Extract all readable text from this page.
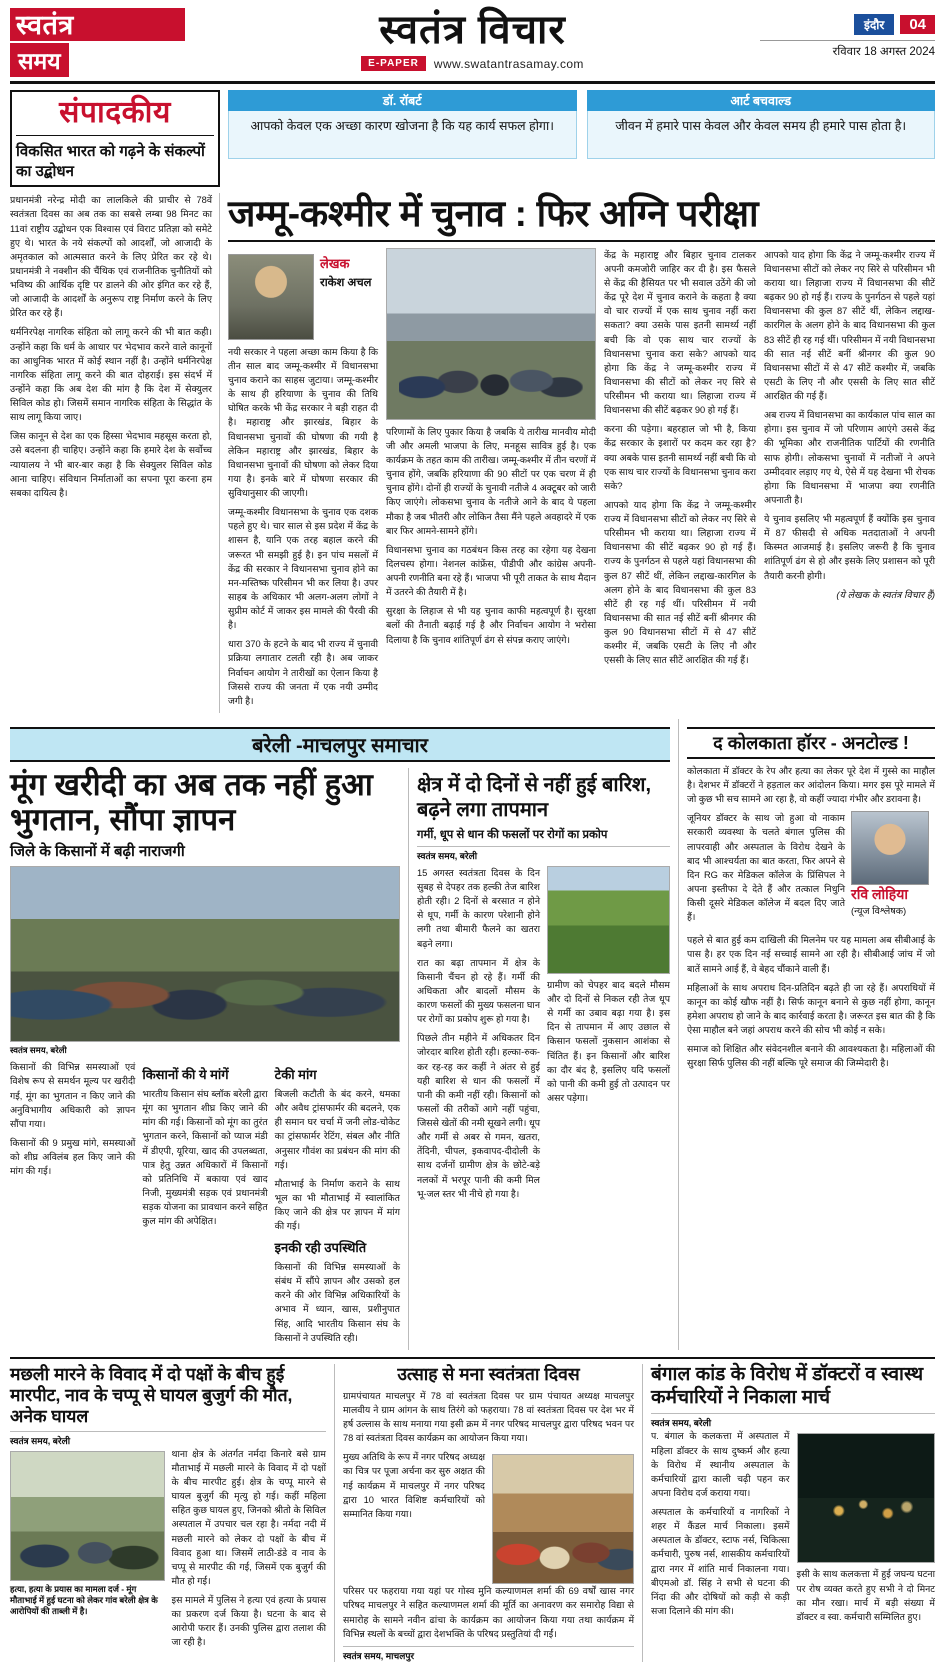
स्वतंत्र
समय
स्वतंत्र विचार
E-PAPER	www.swatantrasamay.com
इंदौर	04
रविवार 18 अगस्त 2024
संपादकीय
विकसित भारत को गढ़ने के संकल्पों का उद्बोधन
डॉ. रॉबर्ट
आपको केवल एक अच्छा कारण खोजना है कि यह कार्य सफल होगा।
आर्ट बचवाल्ड
जीवन में हमारे पास केवल और केवल समय ही हमारे पास होता है।

प्रधानमंत्री नरेन्द्र मोदी का लालकिले की प्राचीर से 78वें स्वतंत्रता दिवस का अब तक का सबसे लम्बा 98 मिनट का 11वां राष्ट्रीय उद्बोधन एक विश्वास एवं विराट प्रतिज्ञा को समेटे हुए थे। भारत के नये संकल्पों को आदर्शों, जो आजादी के अमृतकाल को आत्मसात करने के लिए प्रेरित कर रहे थे। प्रधानमंत्री ने नक्शीन की चैंथिक एवं राजनीतिक चुनौतियों को भविष्य की आर्थिक दृष्टि पर डालने की ओर इंगित कर रहे हैं, जो आजादी के आदर्शों के अनुरूप राष्ट्र निर्माण करने के लिए प्रेरित कर रहे हैं।

धर्मनिरपेक्ष नागरिक संहिता को लागू करने की भी बात कही। उन्होंने कहा कि धर्म के आधार पर भेदभाव करने वाले कानूनों का आधुनिक भारत में कोई स्थान नहीं है। उन्होंने धर्मनिरपेक्ष नागरिक संहिता लागू करने की बात दोहराई। इस संदर्भ में उन्होंने कहा कि अब देश की मांग है कि देश में सेक्युलर सिविल कोड हो। जिसमें समान नागरिक संहिता के सिद्धांत के साथ लागू किया जाए।

जिस कानून से देश का एक हिस्सा भेदभाव महसूस करता हो, उसे बदलना ही चाहिए। उन्होंने कहा कि हमारे देश के सर्वोच्च न्यायालय ने भी बार-बार कहा है कि सेक्युलर सिविल कोड आना चाहिए। संविधान निर्माताओं का सपना पूरा करना हम सबका दायित्व है।

जम्मू-कश्मीर में चुनाव : फिर अग्नि परीक्षा
लेखक
राकेश अचल

नयी सरकार ने पहला अच्छा काम किया है कि तीन साल बाद जम्मू-कश्मीर में विधानसभा चुनाव कराने का साहस जुटाया। जम्मू-कश्मीर के साथ ही हरियाणा के चुनाव की तिथि घोषित करके भी केंद्र सरकार ने बड़ी राहत दी है। महाराष्ट्र और झारखंड, बिहार के विधानसभा चुनावों की घोषणा की गयी है लेकिन महाराष्ट्र और झारखंड, बिहार के विधानसभा चुनावों की घोषणा को लेकर दिया गया है। इनके बारे में घोषणा सरकार की सुविधानुसार की जाएगी।

जम्मू-कश्मीर विधानसभा के चुनाव एक दशक पहले हुए थे। चार साल से इस प्रदेश में केंद्र के शासन है, यानि एक तरह बहाल करने की जरूरत भी समझी हुई है। इन पांच मसलों में केंद्र की सरकार ने विधानसभा चुनाव होने का मन-मस्तिष्क परिसीमन भी कर लिया है। उपर साहब के अधिकार भी अलग-अलग लोगों ने सुप्रीम कोर्ट में जाकर इस मामले की पैरवी की है।

धारा 370 के हटने के बाद भी राज्य में चुनावी प्रक्रिया लगातार टलती रही है। अब जाकर निर्वाचन आयोग ने तारीखों का ऐलान किया है जिससे राज्य की जनता में एक नयी उम्मीद जगी है।

परिणामों के लिए पुकार किया है जबकि ये तारीख मानवीय मोदी जी और अमली भाजपा के लिए, मनहूस सावित्र हुई है। एक कार्यक्रम के तहत काम की तारीख। जम्मू-कश्मीर में तीन चरणों में चुनाव होंगे, जबकि हरियाणा की 90 सीटों पर एक चरण में ही चुनाव होंगे। दोनों ही राज्यों के चुनावी नतीजे 4 अक्टूबर को जारी किए जाएंगे। लोकसभा चुनाव के नतीजे आने के बाद ये पहला मौका है जब भीतरी और लोकिन तैसा मैंने पहले अवहादरे में एक बार फिर आमने-सामने होंगे।

विधानसभा चुनाव का गठबंधन किस तरह का रहेगा यह देखना दिलचस्प होगा। नेशनल कांफ्रेंस, पीडीपी और कांग्रेस अपनी-अपनी रणनीति बना रहे हैं। भाजपा भी पूरी ताकत के साथ मैदान में उतरने की तैयारी में है।

सुरक्षा के लिहाज से भी यह चुनाव काफी महत्वपूर्ण है। सुरक्षा बलों की तैनाती बढ़ाई गई है और निर्वाचन आयोग ने भरोसा दिलाया है कि चुनाव शांतिपूर्ण ढंग से संपन्न कराए जाएंगे।

केंद्र के महाराष्ट्र और बिहार चुनाव टालकर अपनी कमजोरी जाहिर कर दी है। इस फैसले से केंद्र की हैसियत पर भी सवाल उठेंगे की जो केंद्र पूरे देश में चुनाव कराने के कहता है क्या वो चार राज्यों में एक साथ चुनाव नहीं करा सकता? क्या उसके पास इतनी सामर्थ्य नहीं बची कि वो एक साथ चार राज्यों के विधानसभा चुनाव करा सके? आपको याद होगा कि केंद्र ने जम्मू-कश्मीर राज्य में विधानसभा की सीटों को लेकर नए सिरे से परिसीमन भी कराया था। लिहाजा राज्य में विधानसभा की सीटें बढ़कर 90 हो गई हैं।

करना की पड़ेगा। बहरहाल जो भी है, किया केंद्र सरकार के इशारों पर कदम कर रहा है? क्या अबके पास इतनी सामर्थ्य नहीं बची कि वो एक साथ चार राज्यों के विधानसभा चुनाव करा सके?

आपको याद होगा कि केंद्र ने जम्मू-कश्मीर राज्य में विधानसभा सीटों को लेकर नए सिरे से परिसीमन भी कराया था। लिहाजा राज्य में विधानसभा की सीटें बढ़कर 90 हो गई हैं। राज्य के पुनर्गठन से पहले यहां विधानसभा की कुल 87 सीटें थीं, लेकिन लद्दाख-कारगिल के अलग होने के बाद विधानसभा की कुल 83 सीटें ही रह गई थीं। परिसीमन में नयी विधानसभा की सात नई सीटें बनीं श्रीनगर की कुल 90 विधानसभा सीटों में से 47 सीटें कश्मीर में, जबकि एसटी के लिए नौ और एससी के लिए सात सीटें आरक्षित की गई हैं।

आपको याद होगा कि केंद्र ने जम्मू-कश्मीर राज्य में विधानसभा सीटों को लेकर नए सिरे से परिसीमन भी कराया था। लिहाजा राज्य में विधानसभा की सीटें बढ़कर 90 हो गई हैं। राज्य के पुनर्गठन से पहले यहां विधानसभा की कुल 87 सीटें थीं, लेकिन लद्दाख-कारगिल के अलग होने के बाद विधानसभा की कुल 83 सीटें ही रह गई थीं। परिसीमन में नयी विधानसभा की सात नई सीटें बनीं श्रीनगर की कुल 90 विधानसभा सीटों में से 47 सीटें कश्मीर में, जबकि एसटी के लिए नौ और एससी के लिए सात सीटें आरक्षित की गई हैं।

अब राज्य में विधानसभा का कार्यकाल पांच साल का होगा। इस चुनाव में जो परिणाम आएंगे उससे केंद्र की भूमिका और राजनीतिक पार्टियों की रणनीति साफ होगी। लोकसभा चुनावों में नतीजों ने अपने उम्मीदवार लड़ाए गए थे, ऐसे में यह देखना भी रोचक होगा कि विधानसभा में भाजपा क्या रणनीति अपनाती है।

ये चुनाव इसलिए भी महत्वपूर्ण हैं क्योंकि इस चुनाव में 87 फीसदी से अधिक मतदाताओं ने अपनी किस्मत आजमाई है। इसलिए जरूरी है कि चुनाव शांतिपूर्ण ढंग से हो और इसके लिए प्रशासन को पूरी तैयारी करनी होगी।

(ये लेखक के स्वतंत्र विचार हैं)
बरेली -माचलपुर समाचार
मूंग खरीदी का अब तक नहीं हुआ भुगतान, सौंपा ज्ञापन
जिले के किसानों में बढ़ी नाराजगी
स्वतंत्र समय, बरेली

किसानों की विभिन्न समस्याओं एवं विशेष रूप से समर्थन मूल्य पर खरीदी गई, मूंग का भुगतान न किए जाने की अनुविभागीय अधिकारी को ज्ञापन सौंपा गया।

किसानों की 9 प्रमुख मांगे, समस्याओं को शीघ्र अविलंब हल किए जाने की मांग की गई।

किसानों की ये मांगें

भारतीय किसान संघ ब्लॉक बरेली द्वारा मूंग का भुगतान शीघ्र किए जाने की मांग की गई। किसानों को मूंग का तुरंत भुगतान करने, किसानों को प्याज मंडी में डीएपी, यूरिया, खाद की उपलब्धता, पात्र हेतु उन्नत अधिकारों में किसानों को प्रतिनिधि में बकाया एवं खाद निजी, मुख्यमंत्री सड़क एवं प्रधानमंत्री सड़क योजना का प्रावधान करने सहित कुल मांग की अपेक्षित।

टेकी मांग

बिजली कटौती के बंद करने, धमका और अवैध ट्रांसफार्मर की बदलने, एक ही समान घर चर्चा में जनी लोड-चोकेट का ट्रांसफार्मर रेटिंग, संबल और नीति अनुसार गौवंश का प्रबंधन की मांग की गई।

मौताभाई के निर्माण कराने के साथ भूल का भी मौताभाई में स्वालांकित किए जाने की क्षेत्र पर ज्ञापन में मांग की गई।

इनकी रही उपस्थिति

किसानों की विभिन्न समस्याओं के संबंध में सौंपे ज्ञापन और उसको हल करने की ओर विभिन्न अधिकारियों के अभाव में ध्यान, खास, प्रशीनुपात सिंह, आदि भारतीय किसान संघ के किसानों ने उपस्थिति रही।

क्षेत्र में दो दिनों से नहीं हुई बारिश, बढ़ने लगा तापमान
गर्मी, धूप से धान की फसलों पर रोगों का प्रकोप
स्वतंत्र समय, बरेली

15 अगस्त स्वतंत्रता दिवस के दिन सुबह से देपहर तक हल्की तेज बारिश होती रही। 2 दिनों से बरसात न होने से धूप, गर्मी के कारण परेशानी होने लगी तथा बीमारी फैलने का खतरा बढ़ने लगा।

रात का बढ़ा तापमान में क्षेत्र के किसानी चैंचन हो रहे हैं। गर्मी की अधिकता और बादलों मौसम के कारण फसलों की मुख्य फसलना घान पर रोगों का प्रकोप शुरू हो गया है।

पिछले तीन महीने में अधिकतर दिन जोरदार बारिश होती रही। हल्का-रुक-कर रह-रह कर कहीं ने अंतर से हुई यही बारिश से धान की फसलों में पानी की कमी नहीं रही। किसानों को फसलों की तरीकों आगे नहीं पहुंचा, जिससे खेतों की नमी सूखने लगी। धूप और गर्मी से अबर से गमन, खतरा, तेंदिनी, चीपल, इकवापद-दीदोली के साथ दर्जनों ग्रामीण क्षेत्र के छोटे-बड़े नलकों में भरपूर पानी की कमी मिल भू-जल स्तर भी नीचे हो गया है।

ग्रामीण को चेपहर बाद बदले मौसम और दो दिनों से निकल रही तेज धूप से गर्मी का उबाव बढ़ा गया है। इस दिन से तापमान में आए उछाल से किसान फसलों नुकसान आशंका से चिंतित हैं। इन किसानों और बारिश का दौर बंद है, इसलिए यदि फसलों को पानी की कमी हुई तो उत्पादन पर असर पड़ेगा।

द कोलकाता हॉरर - अनटोल्ड !

कोलकाता में डॉक्टर के रेप और हत्या का लेकर पूरे देश में गुस्से का माहौल है। देशभर में डॉक्टरों ने हड़ताल कर आंदोलन किया। मगर इस पूरे मामले में जो कुछ भी सच सामने आ रहा है, वो कहीं ज्यादा गंभीर और डरावना है।

जूनियर डॉक्टर के साथ जो हुआ वो नाकाम सरकारी व्यवस्था के चलते बंगाल पुलिस की लापरवाही और अस्पताल के विरोध देखने के बाद भी आश्चर्यता का बात करता, फिर अपने से दिन RG कर मेडिकल कॉलेज के प्रिंसिपल ने अपना इस्तीफा दे देते हैं और तत्काल निधुनि किसी दूसरे मेडिकल कॉलेज में बदल दिए जाते हैं।

रवि लोहिया
(न्यूज विश्लेषक)

पहले से बात हुई कम दाखिली की मिलनेम पर यह मामला अब सीबीआई के पास है। हर एक दिन नई सच्चाई सामने आ रही है। सीबीआई जांच में जो बातें सामने आई हैं, वे बेहद चौंकाने वाली हैं।

महिलाओं के साथ अपराध दिन-प्रतिदिन बढ़ते ही जा रहे हैं। अपराधियों में कानून का कोई खौफ नहीं है। सिर्फ कानून बनाने से कुछ नहीं होगा, कानून हमेशा अपराध हो जाने के बाद कार्रवाई करता है। जरूरत इस बात की है कि ऐसा माहौल बने जहां अपराध करने की सोच भी कोई न सके।

समाज को शिक्षित और संवेदनशील बनाने की आवश्यकता है। महिलाओं की सुरक्षा सिर्फ पुलिस की नहीं बल्कि पूरे समाज की जिम्मेदारी है।

मछली मारने के विवाद में दो पक्षों के बीच हुई मारपीट, नाव के चप्पू से घायल बुजुर्ग की मौत, अनेक घायल
स्वतंत्र समय, बरेली
हत्या, हत्या के प्रयास का मामला दर्ज - मूंग मौताभाई में हुई घटना को लेकर गांव बरेली क्षेत्र के आरोपियों की ताब्ली में है।

थाना क्षेत्र के अंतर्गत नर्मदा किनारे बसे ग्राम मौताभाई में मछली मारने के विवाद में दो पक्षों के बीच मारपीट हुई। क्षेत्र के चप्पू मारने से घायल बुजुर्ग की मृत्यु हो गई। कहीं महिला सहित कुछ घायल हुए, जिनको श्रीतो के सिविल अस्पताल में उपचार चल रहा है। नर्मदा नदी में मछली मारने को लेकर दो पक्षों के बीच में विवाद हुआ था। जिसमें लाठी-डंडे व नाव के चप्पू से मारपीट की गई, जिसमें एक बुजुर्ग की मौत हो गई।

इस मामले में पुलिस ने हत्या एवं हत्या के प्रयास का प्रकरण दर्ज किया है। घटना के बाद से आरोपी फरार हैं। उनकी पुलिस द्वारा तलाश की जा रही है।

उत्साह से मना स्वतंत्रता दिवस

ग्रामपंचायत माचलपुर में 78 वां स्वतंत्रता दिवस पर ग्राम पंचायत अध्यक्ष माचलपुर मालवीय ने ग्राम आंगन के साथ तिरंगे को फहराया। 78 वां स्वतंत्रता दिवस पर देश भर में हर्ष उल्लास के साथ मनाया गया इसी क्रम में नगर परिषद माचलपुर द्वारा परिषद भवन पर 78 वां स्वतंत्रता दिवस कार्यक्रम का आयोजन किया गया।

मुख्य अतिथि के रूप में नगर परिषद अध्यक्ष का चित्र पर पूजा अर्चना कर सुरु अक्षत की गई कार्यक्रम में माचलपुर में नगर परिषद द्वारा 10 भारत विशिष्ट कर्मचारियों को सम्मानित किया गया।

परिसर पर फहराया गया यहां पर गोस्व मुनि कल्याणमल शर्मा की 69 वर्षों खास नगर परिषद माचलपुर ने सहित कल्याणमल शर्मा की मूर्ति का अनावरण कर समारोह विद्या से समारोह के सामने नवीन ढांचा के कार्यक्रम का आयोजन किया गया तथा कार्यक्रम में विभिन्न स्थलों के बच्चों द्वारा देशभक्ति के परिषद प्रस्तुतियां दी गईं।

स्वतंत्र समय, माचलपुर
बंगाल कांड के विरोध में डॉक्टरों व स्वास्थ कर्मचारियों ने निकाला मार्च
स्वतंत्र समय, बरेली

प. बंगाल के कलकत्ता में अस्पताल में महिला डॉक्टर के साथ दुष्कर्म और हत्या के विरोध में स्थानीय अस्पताल के कर्मचारियों द्वारा काली चढ़ी पहन कर अपना विरोध दर्ज कराया गया।

अस्पताल के कर्मचारियों व नागरिकों ने शहर में कैंडल मार्च निकाला। इसमें अस्पताल के डॉक्टर, स्टाफ नर्स, चिकित्सा कर्मचारी, पुरुष नर्स, शासकीय कर्मचारियों द्वारा नगर में शांति मार्च निकालना गया। बीएमओ डॉ. सिंह ने सभी से घटना की निंदा की और दोषियों को कड़ी से कड़ी सजा दिलाने की मांग की।

इसी के साथ कलकत्ता में हुई जघन्य घटना पर रोष व्यक्त करते हुए सभी ने दो मिनट का मौन रखा। मार्च में बड़ी संख्या में डॉक्टर व स्वा. कर्मचारी सम्मिलित हुए।
